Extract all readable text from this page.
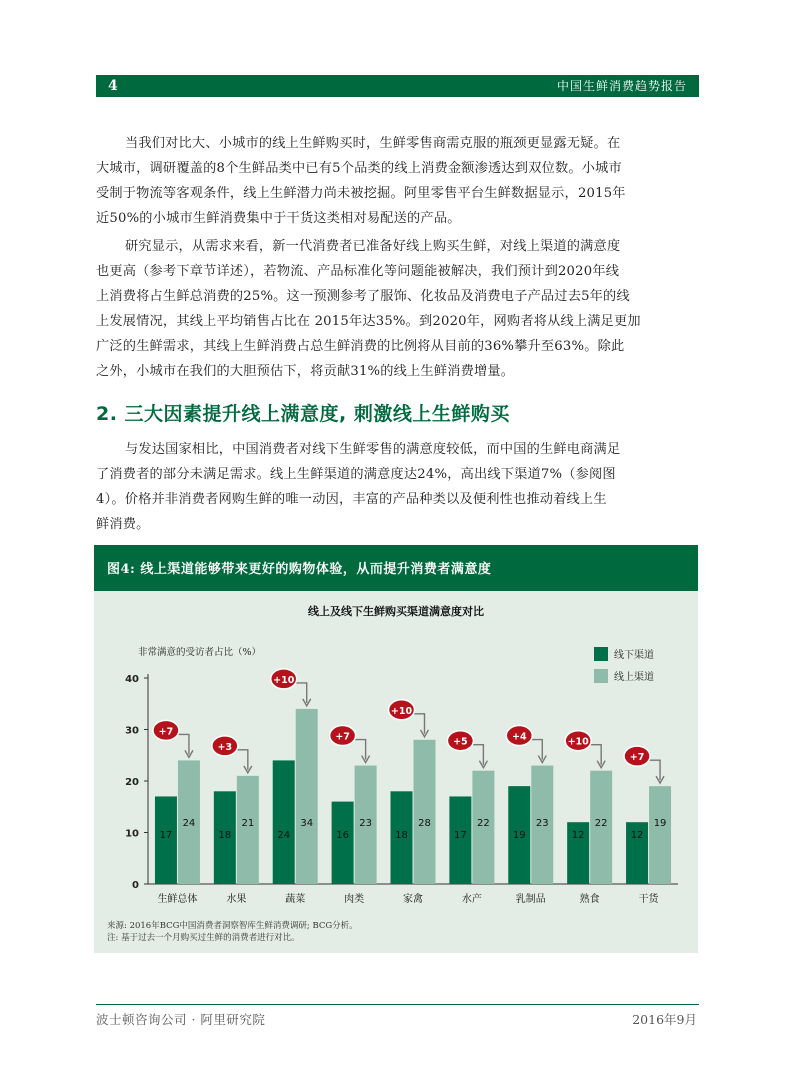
4	中国生鲜消费趋势报告
当我们对比大、小城市的线上生鲜购买时，生鲜零售商需克服的瓶颈更显露无疑。在
大城市，调研覆盖的8个生鲜品类中已有5个品类的线上消费金额渗透达到双位数。小城市
受制于物流等客观条件，线上生鲜潜力尚未被挖掘。阿里零售平台生鲜数据显示，2015年
近50%的小城市生鲜消费集中于干货这类相对易配送的产品。
研究显示，从需求来看，新一代消费者已准备好线上购买生鲜，对线上渠道的满意度
也更高（参考下章节详述），若物流、产品标准化等问题能被解决，我们预计到2020年线
上消费将占生鲜总消费的25%。这一预测参考了服饰、化妆品及消费电子产品过去5年的线
上发展情况，其线上平均销售占比在 2015年达35%。到2020年，网购者将从线上满足更加
广泛的生鲜需求，其线上生鲜消费占总生鲜消费的比例将从目前的36%攀升至63%。除此
之外，小城市在我们的大胆预估下，将贡献31%的线上生鲜消费增量。
2. 三大因素提升线上满意度, 刺激线上生鲜购买
与发达国家相比，中国消费者对线下生鲜零售的满意度较低，而中国的生鲜电商满足
了消费者的部分未满足需求。线上生鲜渠道的满意度达24%，高出线下渠道7%（参阅图
4）。价格并非消费者网购生鲜的唯一动因，丰富的产品种类以及便利性也推动着线上生
鲜消费。
图4: 线上渠道能够带来更好的购物体验，从而提升消费者满意度
线上及线下生鲜购买渠道满意度对比
非常满意的受访者占比（%）
0
10
20
30
40
线下渠道
线上渠道
17
24
生鲜总体
+7
18
21
水果
+3
24
34
蔬菜
+10
16
23
肉类
+7
18
28
家禽
+10
17
22
水产
+5
19
23
乳制品
+4
12
22
熟食
+10
12
19
干货
+7
来源: 2016年BCG中国消费者洞察智库生鲜消费调研; BCG分析。
注: 基于过去一个月购买过生鲜的消费者进行对比。
波士顿咨询公司 · 阿里研究院	2016年9月
